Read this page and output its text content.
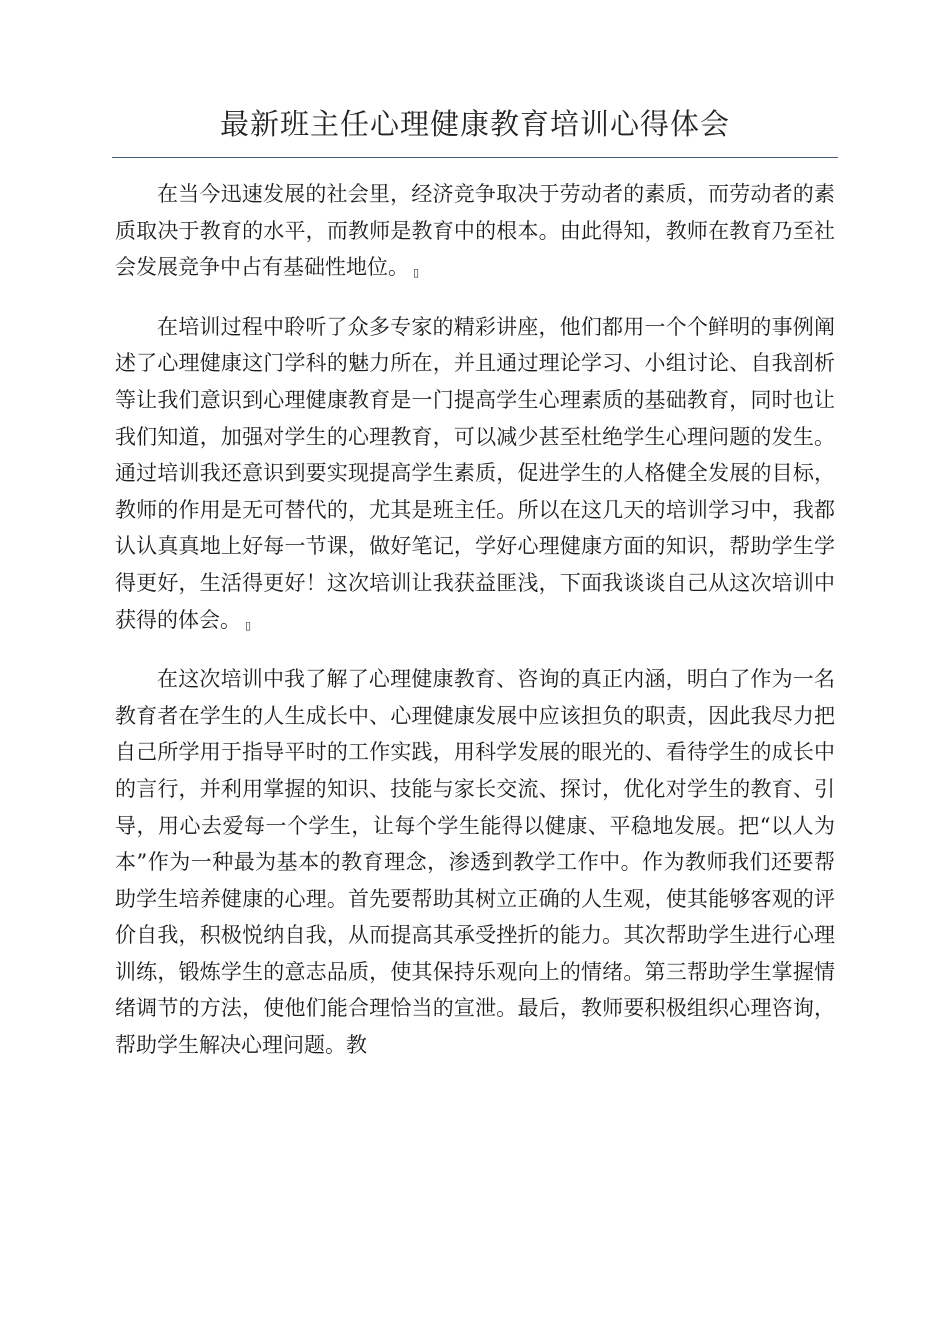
最新班主任心理健康教育培训心得体会

在当今迅速发展的社会里，经济竞争取决于劳动者的素质，而劳动者的素质取决于教育的水平，而教师是教育中的根本。由此得知，教师在教育乃至社会发展竞争中占有基础性地位。 ▯

在培训过程中聆听了众多专家的精彩讲座，他们都用一个个鲜明的事例阐述了心理健康这门学科的魅力所在，并且通过理论学习、小组讨论、自我剖析等让我们意识到心理健康教育是一门提高学生心理素质的基础教育，同时也让我们知道，加强对学生的心理教育，可以减少甚至杜绝学生心理问题的发生。通过培训我还意识到要实现提高学生素质，促进学生的人格健全发展的目标，教师的作用是无可替代的，尤其是班主任。所以在这几天的培训学习中，我都认认真真地上好每一节课，做好笔记，学好心理健康方面的知识，帮助学生学得更好，生活得更好！这次培训让我获益匪浅，下面我谈谈自己从这次培训中获得的体会。 ▯

在这次培训中我了解了心理健康教育、咨询的真正内涵，明白了作为一名教育者在学生的人生成长中、心理健康发展中应该担负的职责，因此我尽力把自己所学用于指导平时的工作实践，用科学发展的眼光的、看待学生的成长中的言行，并利用掌握的知识、技能与家长交流、探讨，优化对学生的教育、引导，用心去爱每一个学生，让每个学生能得以健康、平稳地发展。把“以人为本”作为一种最为基本的教育理念，渗透到教学工作中。作为教师我们还要帮助学生培养健康的心理。首先要帮助其树立正确的人生观，使其能够客观的评价自我，积极悦纳自我，从而提高其承受挫折的能力。其次帮助学生进行心理训练，锻炼学生的意志品质，使其保持乐观向上的情绪。第三帮助学生掌握情绪调节的方法，使他们能合理恰当的宣泄。最后，教师要积极组织心理咨询，帮助学生解决心理问题。教
